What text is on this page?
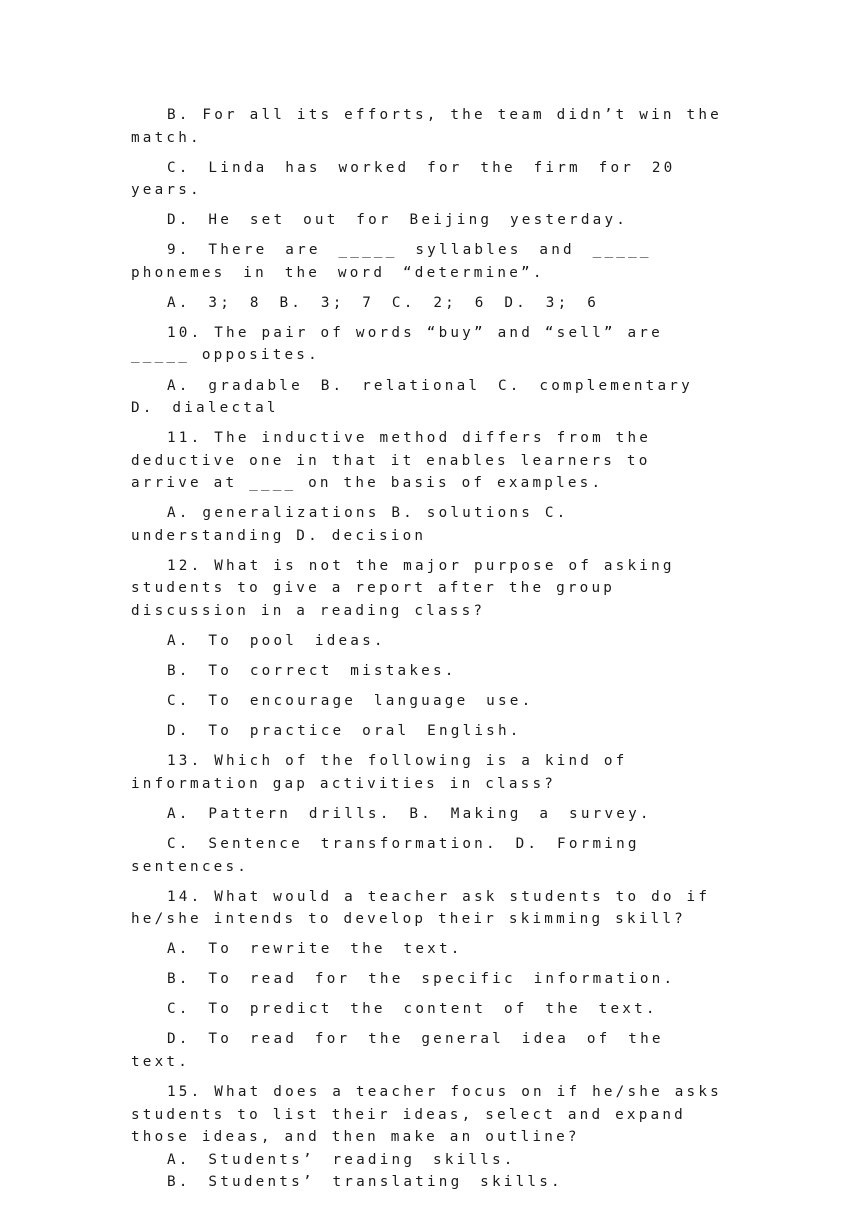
B. For all its efforts, the team didn’t win the match.

C. Linda has worked for the firm for 20 years.

D. He set out for Beijing yesterday.

9. There are _____ syllables and _____ phonemes in the word “determine”.

A. 3; 8 B. 3; 7 C. 2; 6 D. 3; 6

10. The pair of words “buy” and “sell” are _____ opposites.

A. gradable B. relational C. complementary D. dialectal

11. The inductive method differs from the deductive one in that it enables learners to arrive at ____ on the basis of examples.

A. generalizations B. solutions C. understanding D. decision

12. What is not the major purpose of asking students to give a report after the group discussion in a reading class?

A. To pool ideas.

B. To correct mistakes.

C. To encourage language use.

D. To practice oral English.

13. Which of the following is a kind of information gap activities in class?

A. Pattern drills. B. Making a survey.

C. Sentence transformation. D. Forming sentences.

14. What would a teacher ask students to do if he/she intends to develop their skimming skill?

A. To rewrite the text.

B. To read for the specific information.

C. To predict the content of the text.

D. To read for the general idea of the text.

15. What does a teacher focus on if he/she asks students to list their ideas, select and expand those ideas, and then make an outline?

A. Students’ reading skills.

B. Students’ translating skills.
